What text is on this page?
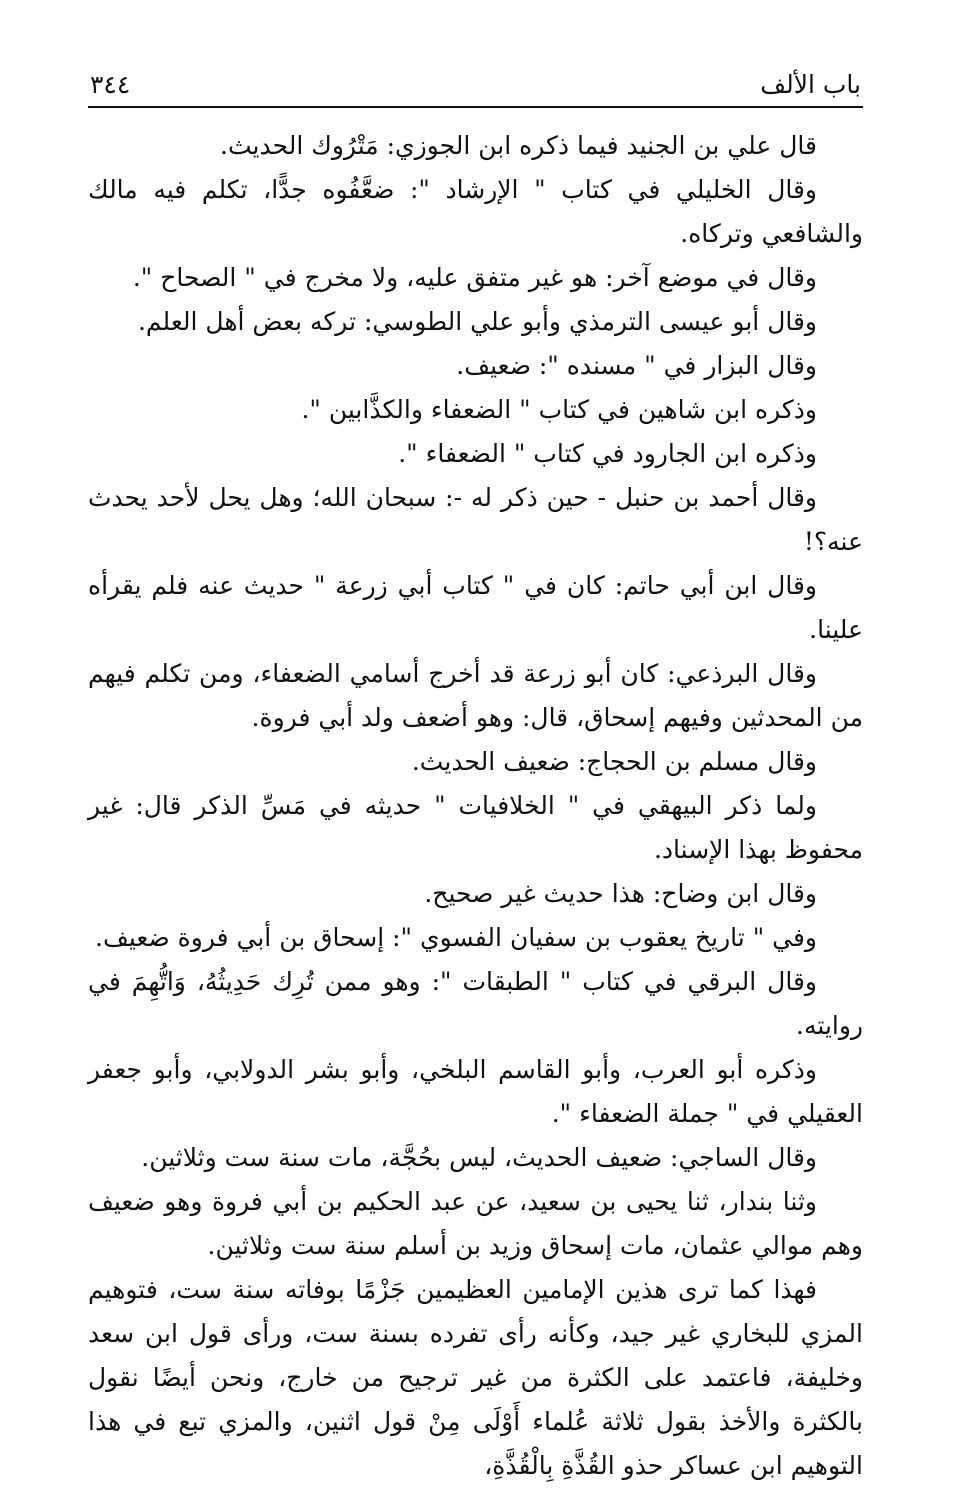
٣٤٤	باب الألف

قال علي بن الجنيد فيما ذكره ابن الجوزي: مَتْرُوك الحديث.

وقال الخليلي في كتاب " الإرشاد ": ضعَّفُوه جدًّا، تكلم فيه مالك والشافعي وتركاه.

وقال في موضع آخر: هو غير متفق عليه، ولا مخرج في " الصحاح ".

وقال أبو عيسى الترمذي وأبو علي الطوسي: تركه بعض أهل العلم.

وقال البزار في " مسنده ": ضعيف.

وذكره ابن شاهين في كتاب " الضعفاء والكذَّابين ".

وذكره ابن الجارود في كتاب " الضعفاء ".

وقال أحمد بن حنبل - حين ذكر له -: سبحان الله؛ وهل يحل لأحد يحدث عنه؟!

وقال ابن أبي حاتم: كان في " كتاب أبي زرعة " حديث عنه فلم يقرأه علينا.

وقال البرذعي: كان أبو زرعة قد أخرج أسامي الضعفاء، ومن تكلم فيهم من المحدثين وفيهم إسحاق، قال: وهو أضعف ولد أبي فروة.

وقال مسلم بن الحجاج: ضعيف الحديث.

ولما ذكر البيهقي في " الخلافيات " حديثه في مَسِّ الذكر قال: غير محفوظ بهذا الإسناد.

وقال ابن وضاح: هذا حديث غير صحيح.

وفي " تاريخ يعقوب بن سفيان الفسوي ": إسحاق بن أبي فروة ضعيف.

وقال البرقي في كتاب " الطبقات ": وهو ممن تُرِك حَدِيثُهُ، وَاتُّهِمَ في روايته.

وذكره أبو العرب، وأبو القاسم البلخي، وأبو بشر الدولابي، وأبو جعفر العقيلي في " جملة الضعفاء ".

وقال الساجي: ضعيف الحديث، ليس بحُجَّة، مات سنة ست وثلاثين.

وثنا بندار، ثنا يحيى بن سعيد، عن عبد الحكيم بن أبي فروة وهو ضعيف وهم موالي عثمان، مات إسحاق وزيد بن أسلم سنة ست وثلاثين.

فهذا كما ترى هذين الإمامين العظيمين جَزْمًا بوفاته سنة ست، فتوهيم المزي للبخاري غير جيد، وكأنه رأى تفرده بسنة ست، ورأى قول ابن سعد وخليفة، فاعتمد على الكثرة من غير ترجيح من خارج، ونحن أيضًا نقول بالكثرة والأخذ بقول ثلاثة عُلماء أَوْلَى مِنْ قول اثنين، والمزي تبع في هذا التوهيم ابن عساكر حذو القُذَّةِ بِالْقُذَّةِ،
